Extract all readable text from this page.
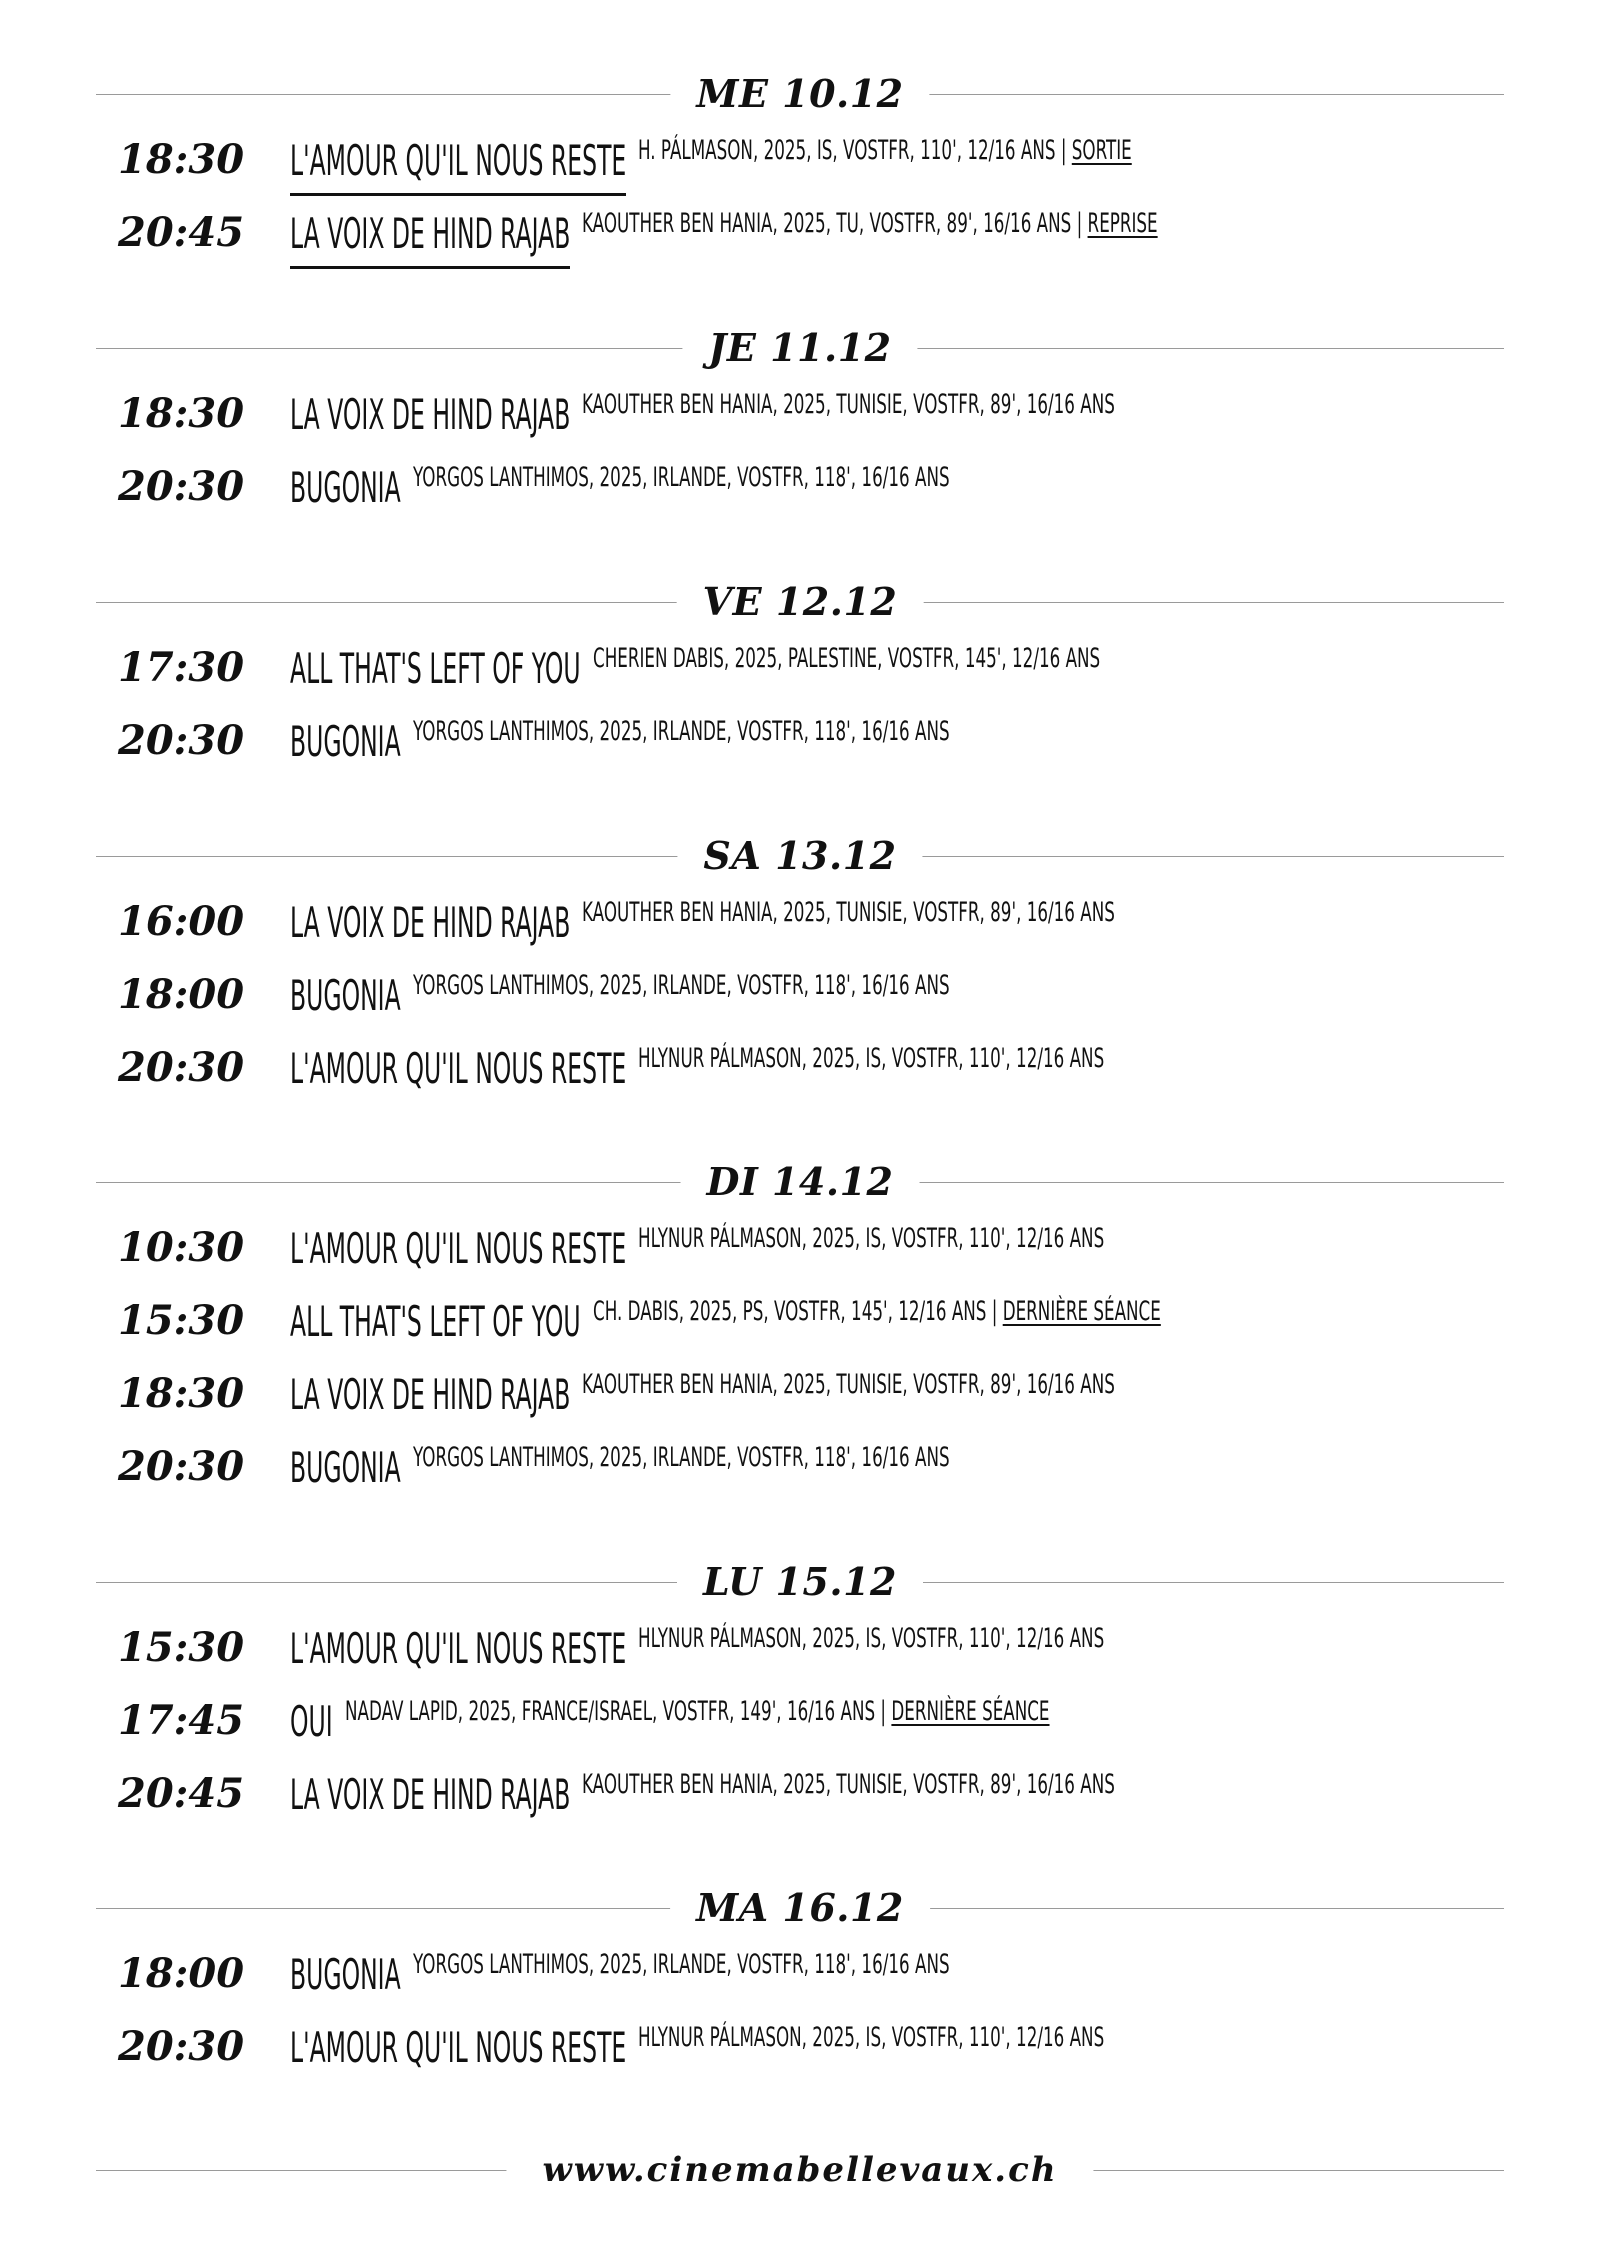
ME 10.12
18:30 L'AMOUR QU'IL NOUS RESTE H. PÁLMASON, 2025, IS, VOSTFR, 110', 12/16 ANS | SORTIE
20:45 LA VOIX DE HIND RAJAB KAOUTHER BEN HANIA, 2025, TU, VOSTFR, 89', 16/16 ANS | REPRISE
JE 11.12
18:30 LA VOIX DE HIND RAJAB KAOUTHER BEN HANIA, 2025, TUNISIE, VOSTFR, 89', 16/16 ANS
20:30 BUGONIA YORGOS LANTHIMOS, 2025, IRLANDE, VOSTFR, 118', 16/16 ANS
VE 12.12
17:30 ALL THAT'S LEFT OF YOU CHERIEN DABIS, 2025, PALESTINE, VOSTFR, 145', 12/16 ANS
20:30 BUGONIA YORGOS LANTHIMOS, 2025, IRLANDE, VOSTFR, 118', 16/16 ANS
SA 13.12
16:00 LA VOIX DE HIND RAJAB KAOUTHER BEN HANIA, 2025, TUNISIE, VOSTFR, 89', 16/16 ANS
18:00 BUGONIA YORGOS LANTHIMOS, 2025, IRLANDE, VOSTFR, 118', 16/16 ANS
20:30 L'AMOUR QU'IL NOUS RESTE HLYNUR PÁLMASON, 2025, IS, VOSTFR, 110', 12/16 ANS
DI 14.12
10:30 L'AMOUR QU'IL NOUS RESTE HLYNUR PÁLMASON, 2025, IS, VOSTFR, 110', 12/16 ANS
15:30 ALL THAT'S LEFT OF YOU CH. DABIS, 2025, PS, VOSTFR, 145', 12/16 ANS | DERNIÈRE SÉANCE
18:30 LA VOIX DE HIND RAJAB KAOUTHER BEN HANIA, 2025, TUNISIE, VOSTFR, 89', 16/16 ANS
20:30 BUGONIA YORGOS LANTHIMOS, 2025, IRLANDE, VOSTFR, 118', 16/16 ANS
LU 15.12
15:30 L'AMOUR QU'IL NOUS RESTE HLYNUR PÁLMASON, 2025, IS, VOSTFR, 110', 12/16 ANS
17:45 OUI NADAV LAPID, 2025, FRANCE/ISRAEL, VOSTFR, 149', 16/16 ANS | DERNIÈRE SÉANCE
20:45 LA VOIX DE HIND RAJAB KAOUTHER BEN HANIA, 2025, TUNISIE, VOSTFR, 89', 16/16 ANS
MA 16.12
18:00 BUGONIA YORGOS LANTHIMOS, 2025, IRLANDE, VOSTFR, 118', 16/16 ANS
20:30 L'AMOUR QU'IL NOUS RESTE HLYNUR PÁLMASON, 2025, IS, VOSTFR, 110', 12/16 ANS
www.cinemabellevaux.ch
